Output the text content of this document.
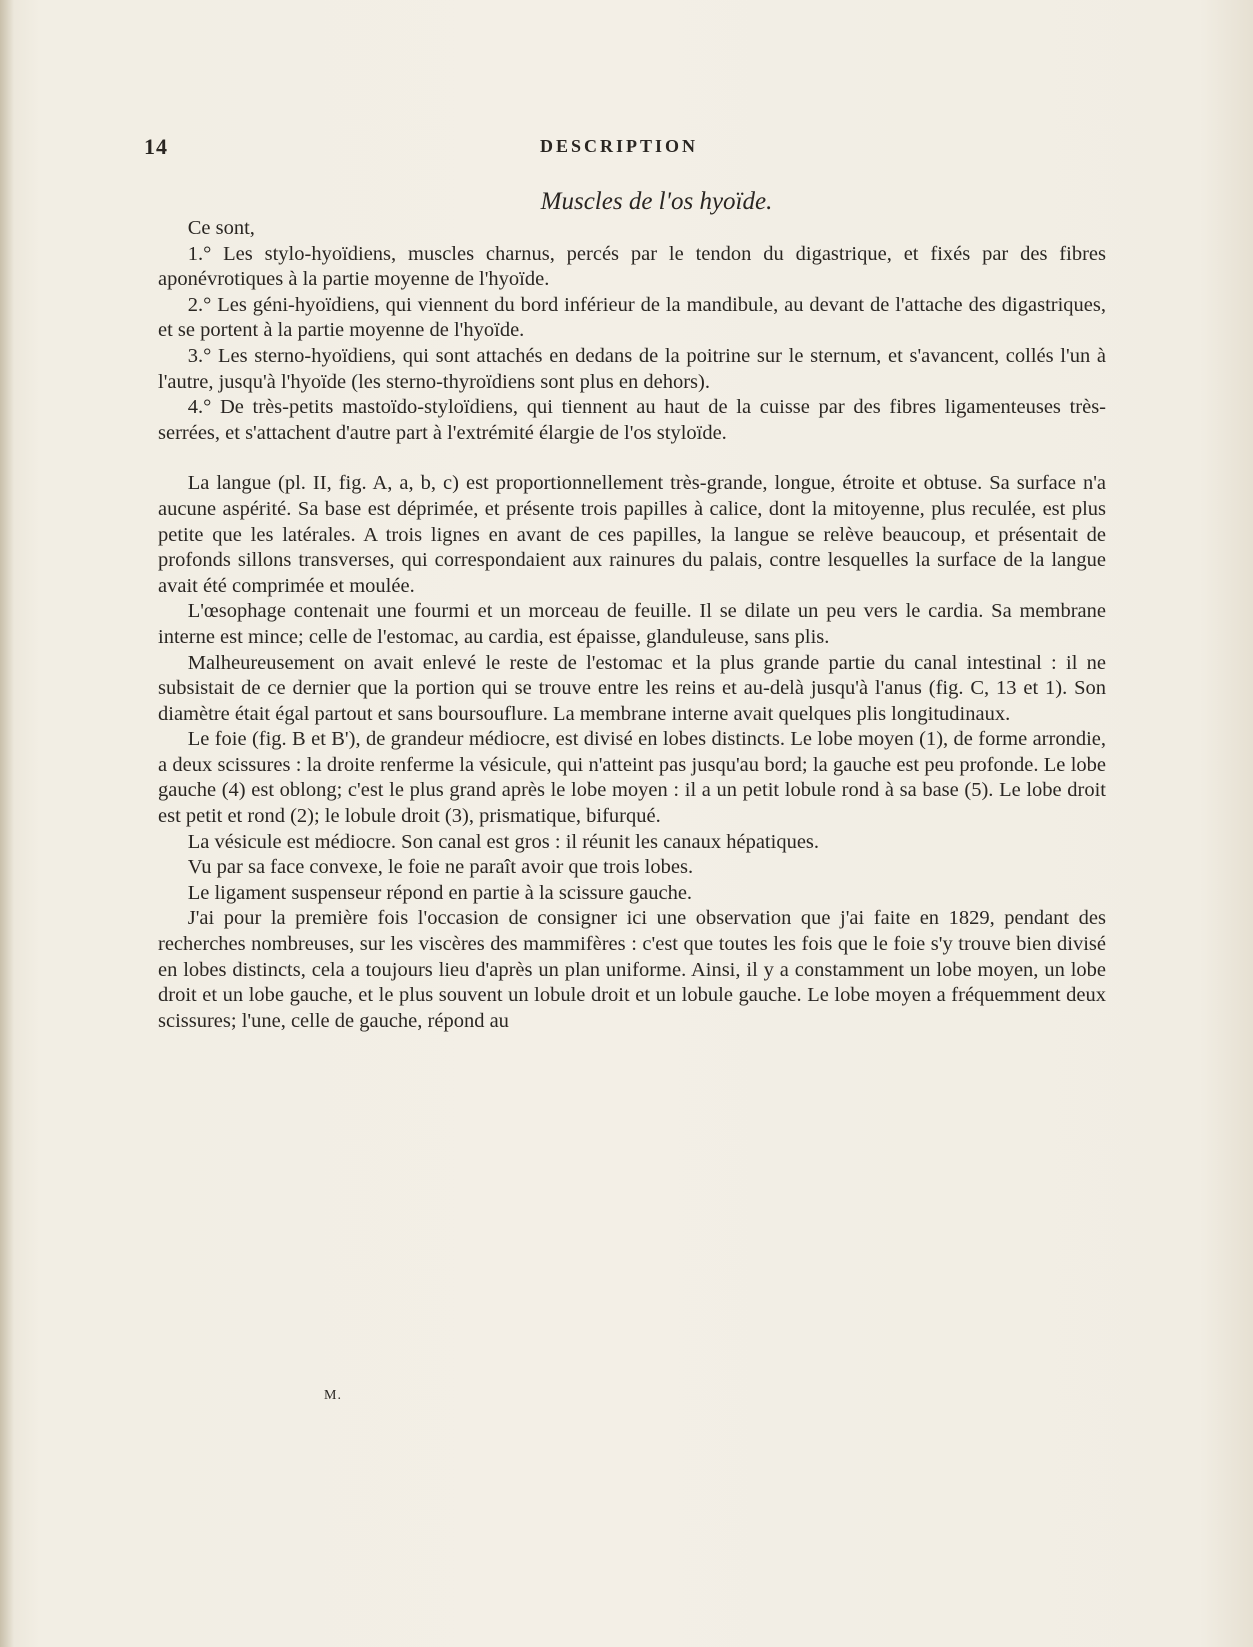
14	DESCRIPTION
Muscles de l'os hyoïde.

Ce sont,

1.° Les stylo-hyoïdiens, muscles charnus, percés par le tendon du digastrique, et fixés par des fibres aponévrotiques à la partie moyenne de l'hyoïde.

2.° Les géni-hyoïdiens, qui viennent du bord inférieur de la mandibule, au devant de l'attache des digastriques, et se portent à la partie moyenne de l'hyoïde.

3.° Les sterno-hyoïdiens, qui sont attachés en dedans de la poitrine sur le sternum, et s'avancent, collés l'un à l'autre, jusqu'à l'hyoïde (les sterno-thyroïdiens sont plus en dehors).

4.° De très-petits mastoïdo-styloïdiens, qui tiennent au haut de la cuisse par des fibres ligamenteuses très-serrées, et s'attachent d'autre part à l'extrémité élargie de l'os styloïde.

La langue (pl. II, fig. A, a, b, c) est proportionnellement très-grande, longue, étroite et obtuse. Sa surface n'a aucune aspérité. Sa base est déprimée, et présente trois papilles à calice, dont la mitoyenne, plus reculée, est plus petite que les latérales. A trois lignes en avant de ces papilles, la langue se relève beaucoup, et présentait de profonds sillons transverses, qui correspondaient aux rainures du palais, contre lesquelles la surface de la langue avait été comprimée et moulée.

L'œsophage contenait une fourmi et un morceau de feuille. Il se dilate un peu vers le cardia. Sa membrane interne est mince; celle de l'estomac, au cardia, est épaisse, glanduleuse, sans plis.

Malheureusement on avait enlevé le reste de l'estomac et la plus grande partie du canal intestinal : il ne subsistait de ce dernier que la portion qui se trouve entre les reins et au-delà jusqu'à l'anus (fig. C, 13 et 1). Son diamètre était égal partout et sans boursouflure. La membrane interne avait quelques plis longitudinaux.

Le foie (fig. B et B'), de grandeur médiocre, est divisé en lobes distincts. Le lobe moyen (1), de forme arrondie, a deux scissures : la droite renferme la vésicule, qui n'atteint pas jusqu'au bord; la gauche est peu profonde. Le lobe gauche (4) est oblong; c'est le plus grand après le lobe moyen : il a un petit lobule rond à sa base (5). Le lobe droit est petit et rond (2); le lobule droit (3), prismatique, bifurqué.

La vésicule est médiocre. Son canal est gros : il réunit les canaux hépatiques.

Vu par sa face convexe, le foie ne paraît avoir que trois lobes.

Le ligament suspenseur répond en partie à la scissure gauche.

J'ai pour la première fois l'occasion de consigner ici une observation que j'ai faite en 1829, pendant des recherches nombreuses, sur les viscères des mammifères : c'est que toutes les fois que le foie s'y trouve bien divisé en lobes distincts, cela a toujours lieu d'après un plan uniforme. Ainsi, il y a constamment un lobe moyen, un lobe droit et un lobe gauche, et le plus souvent un lobule droit et un lobule gauche. Le lobe moyen a fréquemment deux scissures; l'une, celle de gauche, répond au

M.
